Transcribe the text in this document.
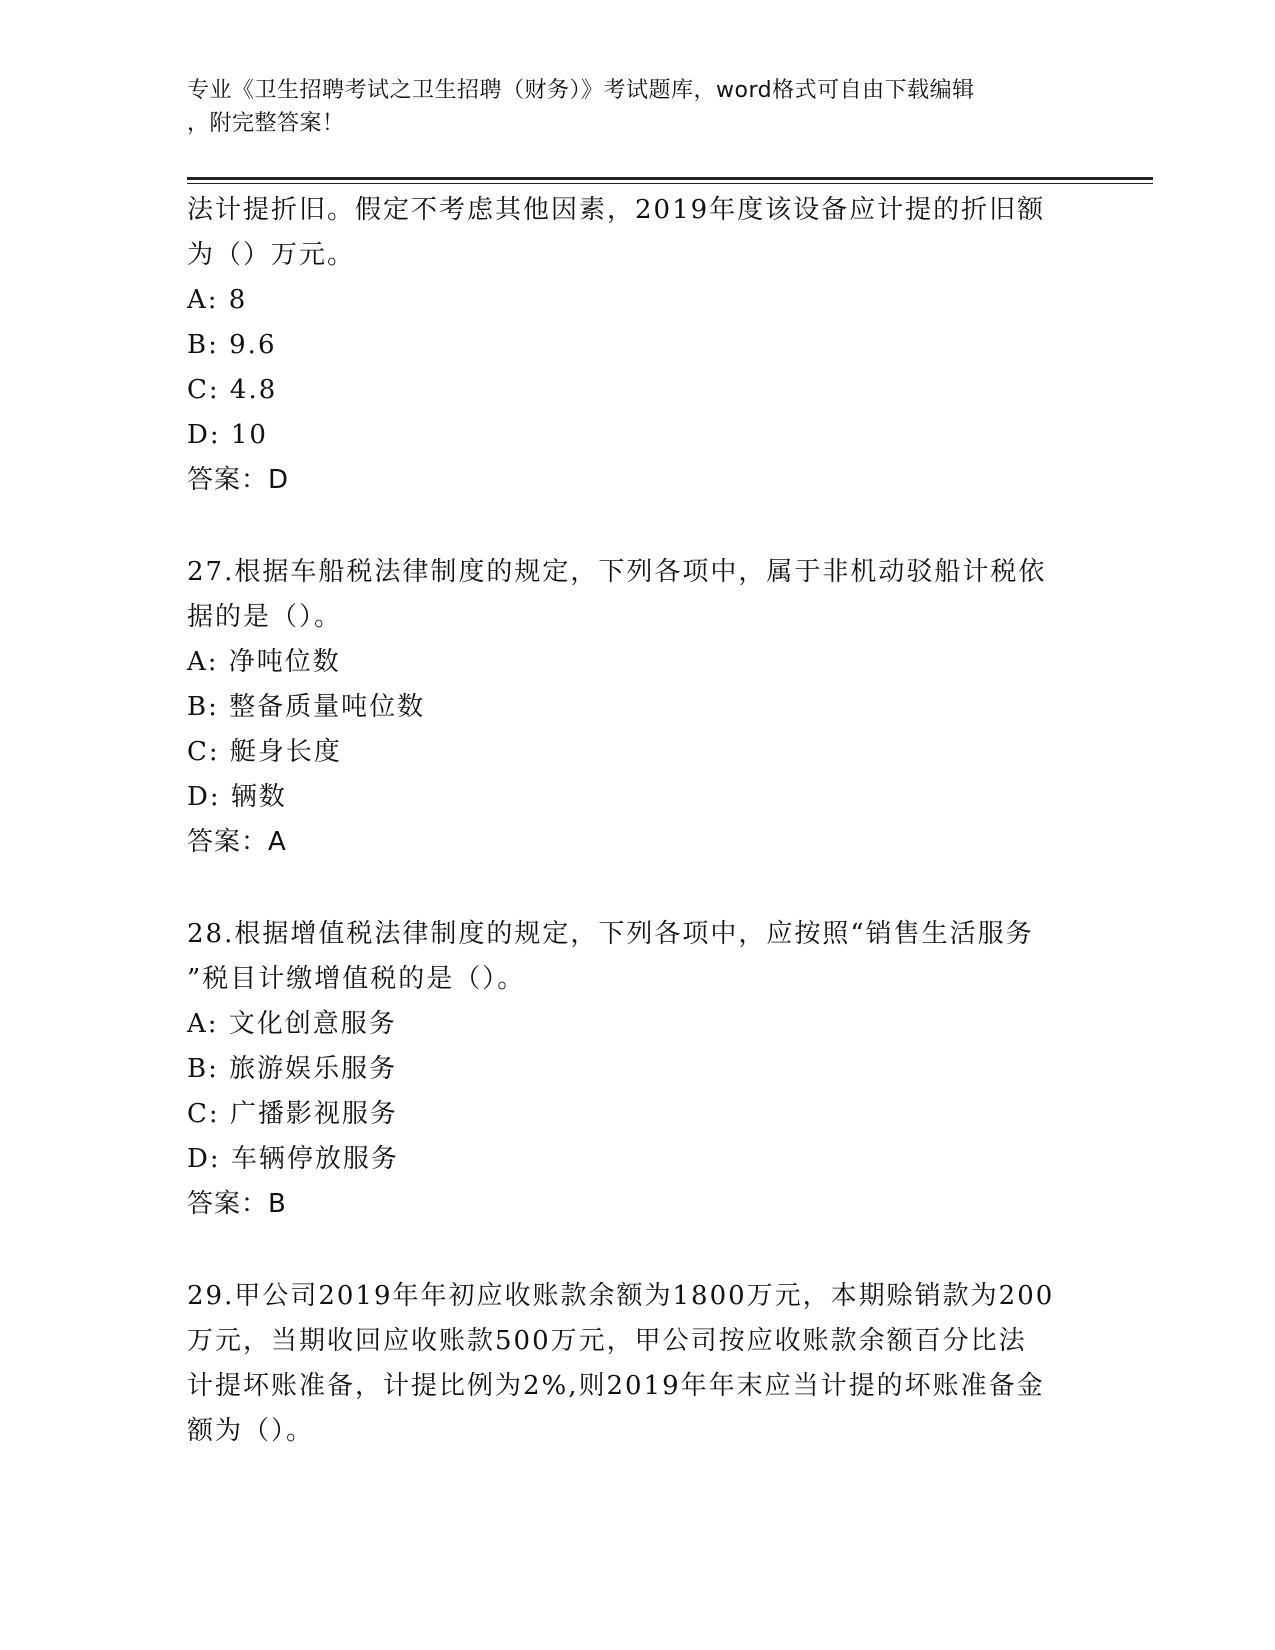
专业《卫生招聘考试之卫生招聘（财务）》考试题库，word格式可自由下载编辑
，附完整答案！

法计提折旧。假定不考虑其他因素，2019年度该设备应计提的折旧额

为（）万元。

A: 8

B: 9.6

C: 4.8

D: 10

答案：D

27.根据车船税法律制度的规定，下列各项中，属于非机动驳船计税依

据的是（）。

A: 净吨位数

B: 整备质量吨位数

C: 艇身长度

D: 辆数

答案：A

28.根据增值税法律制度的规定，下列各项中，应按照“销售生活服务

”税目计缴增值税的是（）。

A: 文化创意服务

B: 旅游娱乐服务

C: 广播影视服务

D: 车辆停放服务

答案：B

29.甲公司2019年年初应收账款余额为1800万元，本期赊销款为200

万元，当期收回应收账款500万元，甲公司按应收账款余额百分比法

计提坏账准备，计提比例为2%,则2019年年末应当计提的坏账准备金

额为（）。
